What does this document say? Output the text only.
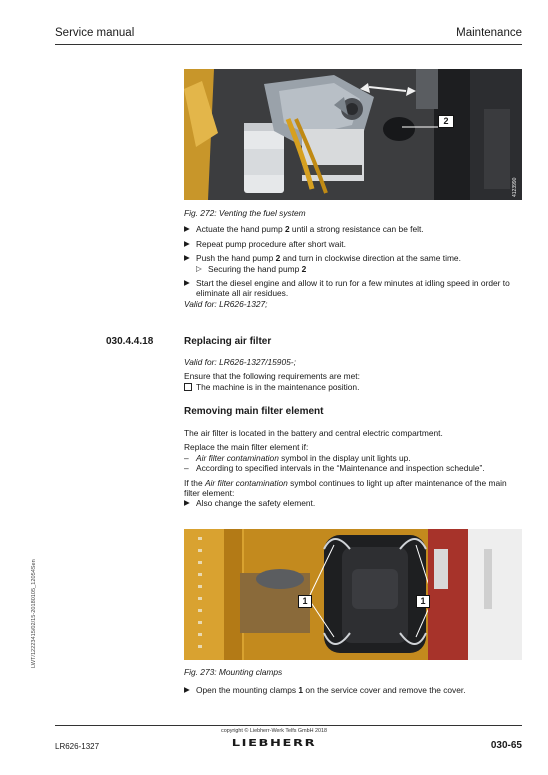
Service manual	Maintenance
2
4123990

Fig. 272: Venting the fuel system

▶ Actuate the hand pump 2 until a strong resistance can be felt.
▶ Repeat pump procedure after short wait.
▶ Push the hand pump 2 and turn in clockwise direction at the same time.
▷ Securing the hand pump 2
▶ Start the diesel engine and allow it to run for a few minutes at idling speed in order to eliminate all air residues.

Valid for: LR626-1327;

030.4.4.18	Replacing air filter

Valid for: LR626-1327/15905-;

Ensure that the following requirements are met:

The machine is in the maintenance position.
Removing main filter element

The air filter is located in the battery and central electric compartment.

Replace the main filter element if:

– Air filter contamination symbol in the display unit lights up.
– According to specified intervals in the “Maintenance and inspection schedule”.

If the Air filter contamination symbol continues to light up after maintenance of the main filter element:

▶ Also change the safety element.
1	1
4392270

Fig. 273: Mounting clamps

▶ Open the mounting clamps 1 on the service cover and remove the cover.
LWT/12223415/02/15-20180105_12054Sen
copyright © Liebherr-Werk Telfs GmbH 2018
LIEBHERR
LR626-1327	030-65
